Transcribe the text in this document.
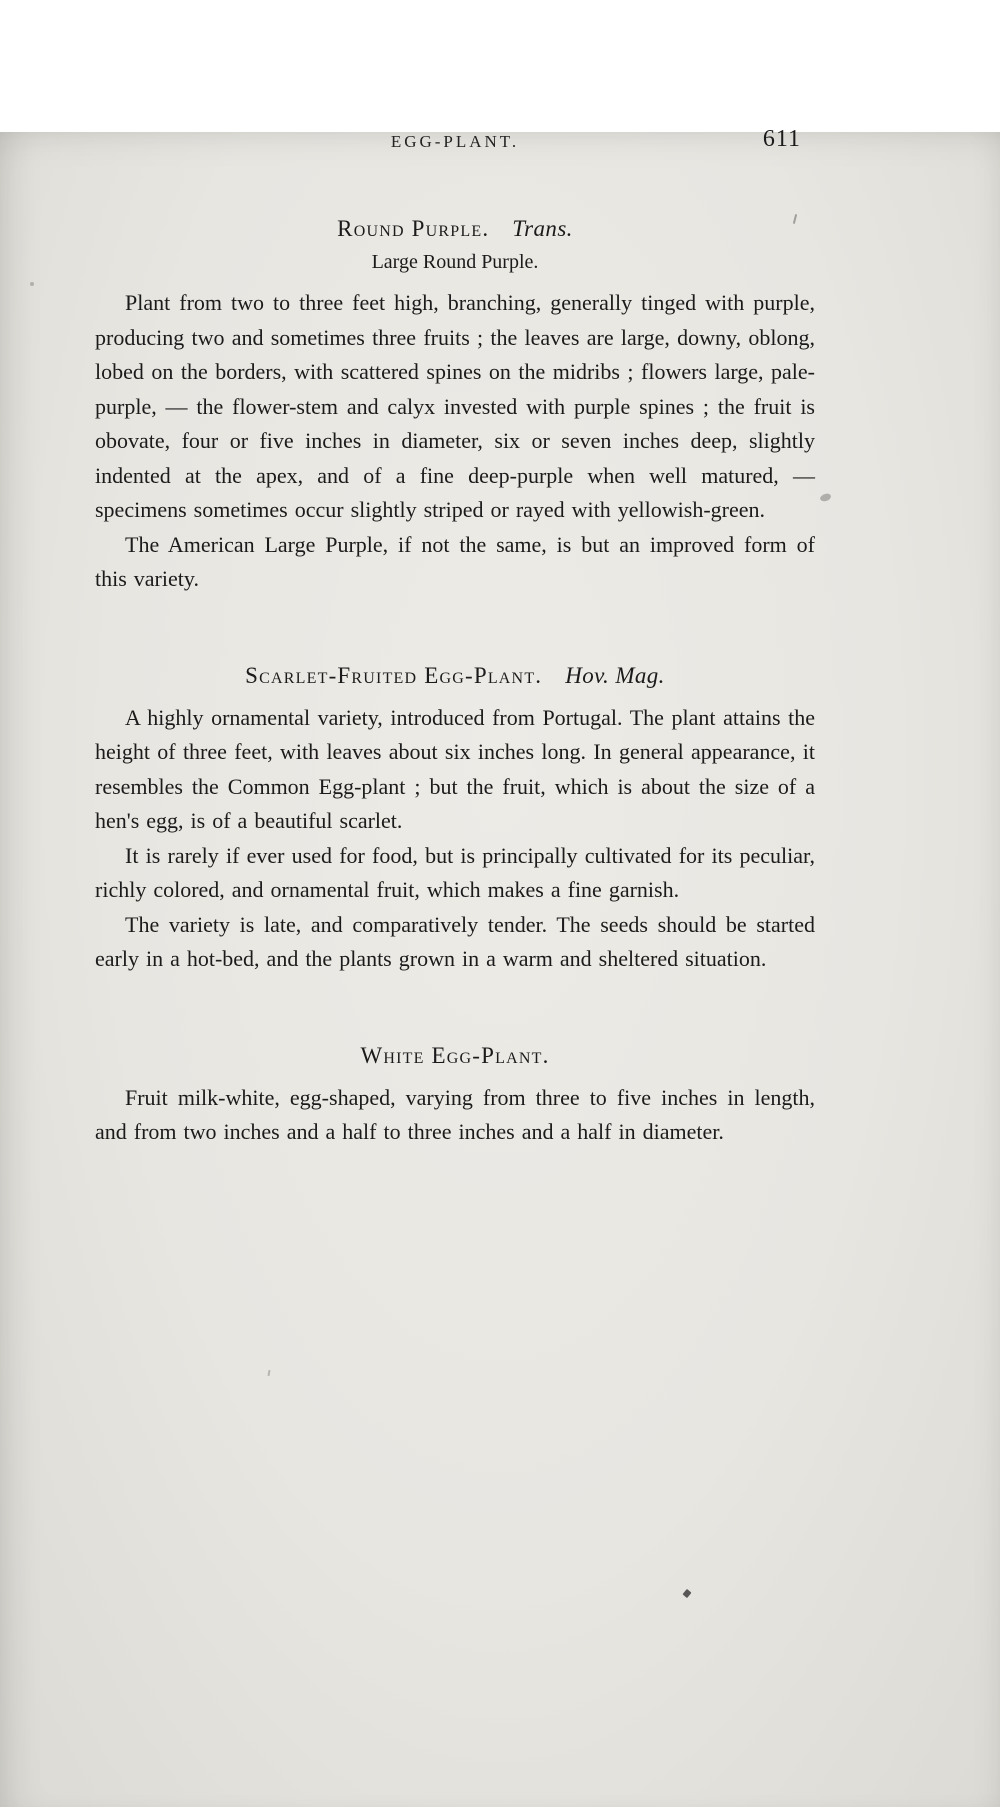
EGG-PLANT.	611
Round Purple. Trans.
Large Round Purple.

Plant from two to three feet high, branching, generally tinged with purple, producing two and sometimes three fruits ; the leaves are large, downy, oblong, lobed on the borders, with scattered spines on the midribs ; flowers large, pale-purple, — the flower-stem and calyx invested with purple spines ; the fruit is obovate, four or five inches in diameter, six or seven inches deep, slightly indented at the apex, and of a fine deep-purple when well matured, — specimens sometimes occur slightly striped or rayed with yellowish-green.

The American Large Purple, if not the same, is but an improved form of this variety.

Scarlet-Fruited Egg-Plant. Hov. Mag.

A highly ornamental variety, introduced from Portugal. The plant attains the height of three feet, with leaves about six inches long. In general appearance, it resembles the Common Egg-plant ; but the fruit, which is about the size of a hen's egg, is of a beautiful scarlet.

It is rarely if ever used for food, but is principally cultivated for its peculiar, richly colored, and ornamental fruit, which makes a fine garnish.

The variety is late, and comparatively tender. The seeds should be started early in a hot-bed, and the plants grown in a warm and sheltered situation.

White Egg-Plant.

Fruit milk-white, egg-shaped, varying from three to five inches in length, and from two inches and a half to three inches and a half in diameter.
